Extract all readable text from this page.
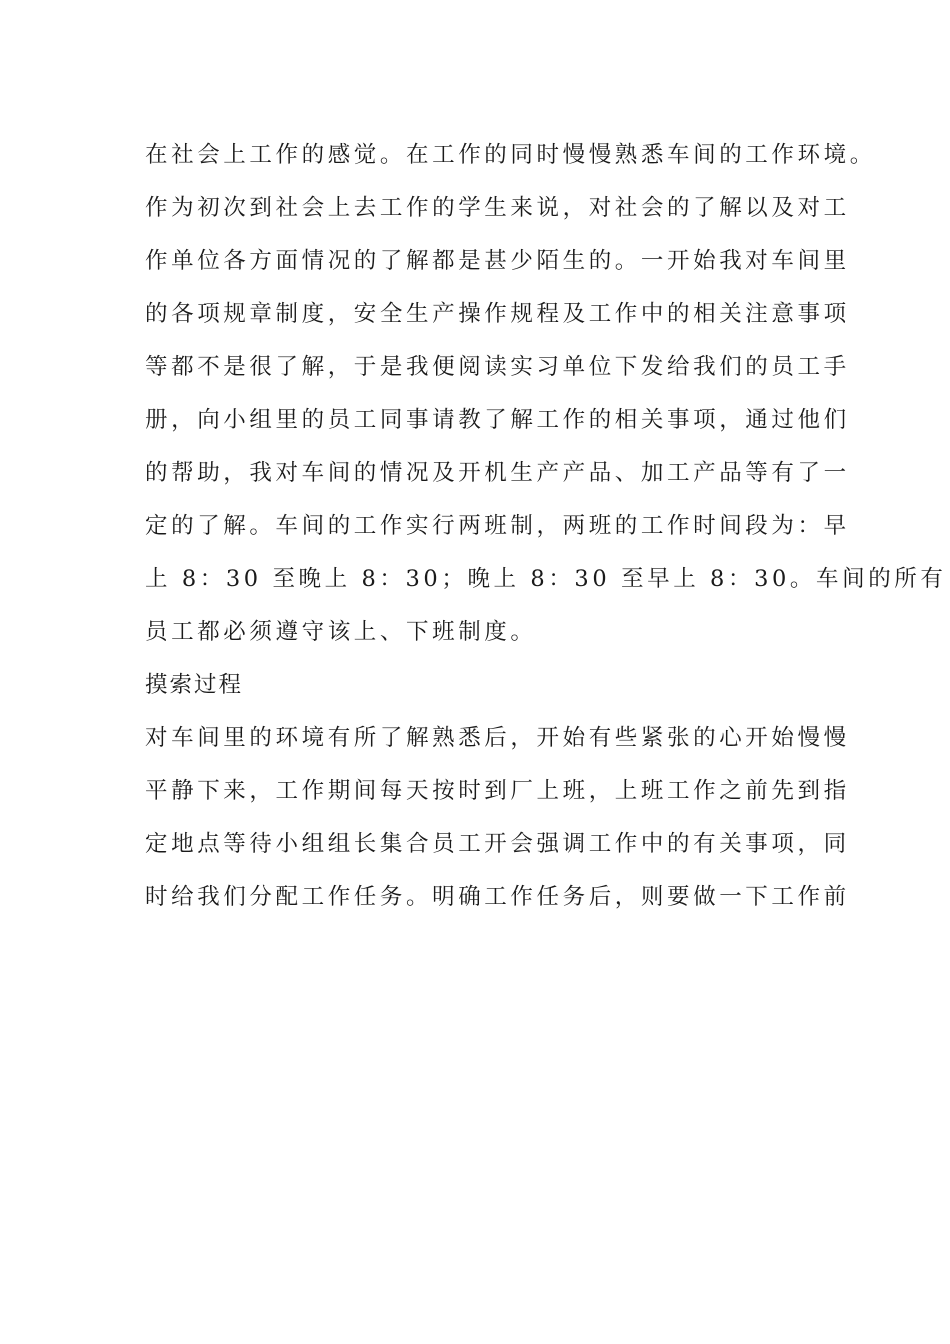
在社会上工作的感觉。在工作的同时慢慢熟悉车间的工作环境。
作为初次到社会上去工作的学生来说，对社会的了解以及对工
作单位各方面情况的了解都是甚少陌生的。一开始我对车间里
的各项规章制度，安全生产操作规程及工作中的相关注意事项
等都不是很了解，于是我便阅读实习单位下发给我们的员工手
册，向小组里的员工同事请教了解工作的相关事项，通过他们
的帮助，我对车间的情况及开机生产产品、加工产品等有了一
定的了解。车间的工作实行两班制，两班的工作时间段为：早
上 8：30 至晚上 8：30；晚上 8：30 至早上 8：30。车间的所有
员工都必须遵守该上、下班制度。
摸索过程
对车间里的环境有所了解熟悉后，开始有些紧张的心开始慢慢
平静下来，工作期间每天按时到厂上班，上班工作之前先到指
定地点等待小组组长集合员工开会强调工作中的有关事项，同
时给我们分配工作任务。明确工作任务后，则要做一下工作前
